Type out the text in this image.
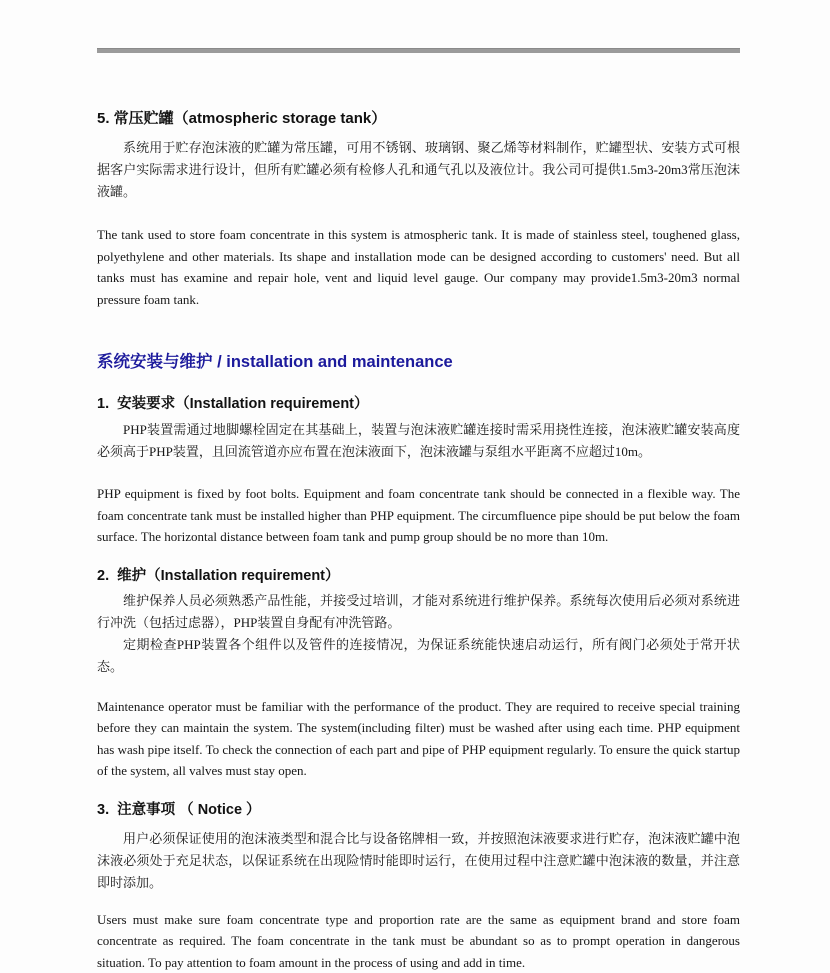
5. 常压贮罐（atmospheric storage tank）

系统用于贮存泡沫液的贮罐为常压罐，可用不锈钢、玻璃钢、聚乙烯等材料制作，贮罐型状、安装方式可根据客户实际需求进行设计，但所有贮罐必须有检修人孔和通气孔以及液位计。我公司可提供1.5m3-20m3常压泡沫液罐。

The tank used to store foam concentrate in this system is atmospheric tank. It is made of stainless steel, toughened glass, polyethylene and other materials. Its shape and installation mode can be designed according to customers' need. But all tanks must has examine and repair hole, vent and liquid level gauge. Our company may provide1.5m3-20m3 normal pressure foam tank.

系统安装与维护 / installation and maintenance
1.  安装要求（Installation requirement）

PHP装置需通过地脚螺栓固定在其基础上，装置与泡沫液贮罐连接时需采用挠性连接，泡沫液贮罐安装高度必须高于PHP装置，且回流管道亦应布置在泡沫液面下，泡沫液罐与泵组水平距离不应超过10m。

PHP equipment is fixed by foot bolts. Equipment and foam concentrate tank should be connected in a flexible way. The foam concentrate tank must be installed higher than PHP equipment. The circumfluence pipe should be put below the foam surface. The horizontal distance between foam tank and pump group should be no more than 10m.

2.  维护（Installation requirement）

维护保养人员必须熟悉产品性能，并接受过培训，才能对系统进行维护保养。系统每次使用后必须对系统进行冲洗（包括过虑器），PHP装置自身配有冲洗管路。

定期检查PHP装置各个组件以及管件的连接情况，为保证系统能快速启动运行，所有阀门必须处于常开状态。

Maintenance operator must be familiar with the performance of the product. They are required to receive special training before they can maintain the system. The system(including filter) must be washed after using each time. PHP equipment has wash pipe itself. To check the connection of each part and pipe of PHP equipment regularly. To ensure the quick startup of the system, all valves must stay open.

3.  注意事项 （ Notice ）

用户必须保证使用的泡沫液类型和混合比与设备铭牌相一致，并按照泡沫液要求进行贮存，泡沫液贮罐中泡沫液必须处于充足状态，以保证系统在出现险情时能即时运行，在使用过程中注意贮罐中泡沫液的数量，并注意即时添加。

Users must make sure foam concentrate type and proportion rate are the same as equipment brand and store foam concentrate as required. The foam concentrate in the tank must be abundant so as to prompt operation in dangerous situation. To pay attention to foam amount in the process of using and add in time.
